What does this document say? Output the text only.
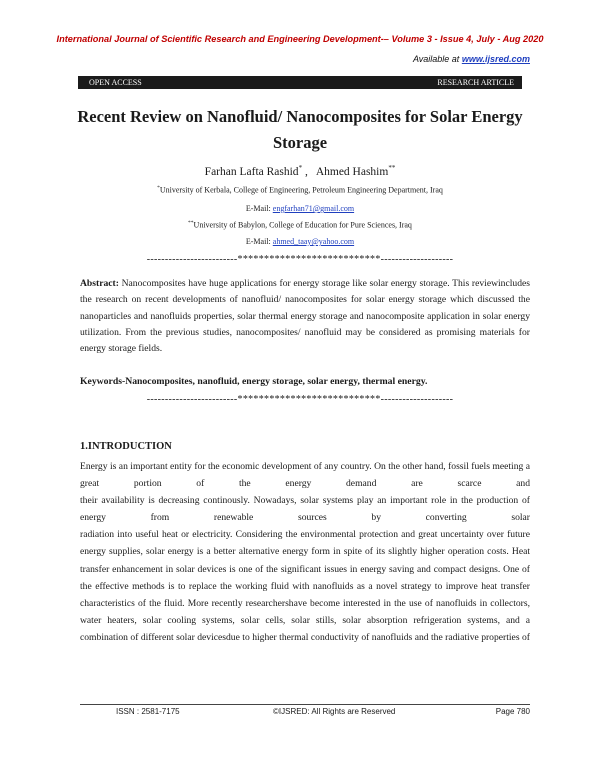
International Journal of Scientific Research and Engineering Development-– Volume 3 - Issue 4, July - Aug 2020
Available at www.ijsred.com
OPEN ACCESS	RESEARCH ARTICLE
Recent Review on Nanofluid/ Nanocomposites for Solar Energy Storage
Farhan Lafta Rashid* ,   Ahmed Hashim**
*University of Kerbala, College of Engineering, Petroleum Engineering Department, Iraq
E-Mail: engfarhan71@gmail.com
**University of Babylon, College of Education for Pure Sciences, Iraq
E-Mail: ahmed_taay@yahoo.com
-------------------------***************************--------------------
Abstract: Nanocomposites have huge applications for energy storage like solar energy storage. This reviewincludes the research on recent developments of nanofluid/ nanocomposites for solar energy storage which discussed the nanoparticles and nanofluids properties, solar thermal energy storage and nanocomposite application in solar energy utilization. From the previous studies, nanocomposites/ nanofluid may be considered as promising materials for energy storage fields.
Keywords-Nanocomposites, nanofluid, energy storage, solar energy, thermal energy.
-------------------------***************************--------------------
1.INTRODUCTION

Energy is an important entity for the economic development of any country. On the other hand, fossil fuels meeting a great portion of the energy demand are scarce and

their availability is decreasing continously. Nowadays, solar systems play an important role in the production of energy from renewable sources by converting solar

radiation into useful heat or electricity. Considering the environmental protection and great uncertainty over future energy supplies, solar energy is a better alternative energy form in spite of its slightly higher operation costs. Heat transfer enhancement in solar devices is one of the significant issues in energy saving and compact designs. One of the effective methods is to replace the working fluid with nanofluids as a novel strategy to improve heat transfer characteristics of the fluid. More recently researchershave become interested in the use of nanofluids in collectors, water heaters, solar cooling systems, solar cells, solar stills, solar absorption refrigeration systems, and a combination of different solar devicesdue to higher thermal conductivity of nanofluids and the radiative properties of

ISSN : 2581-7175	©IJSRED: All Rights are Reserved	Page 780
